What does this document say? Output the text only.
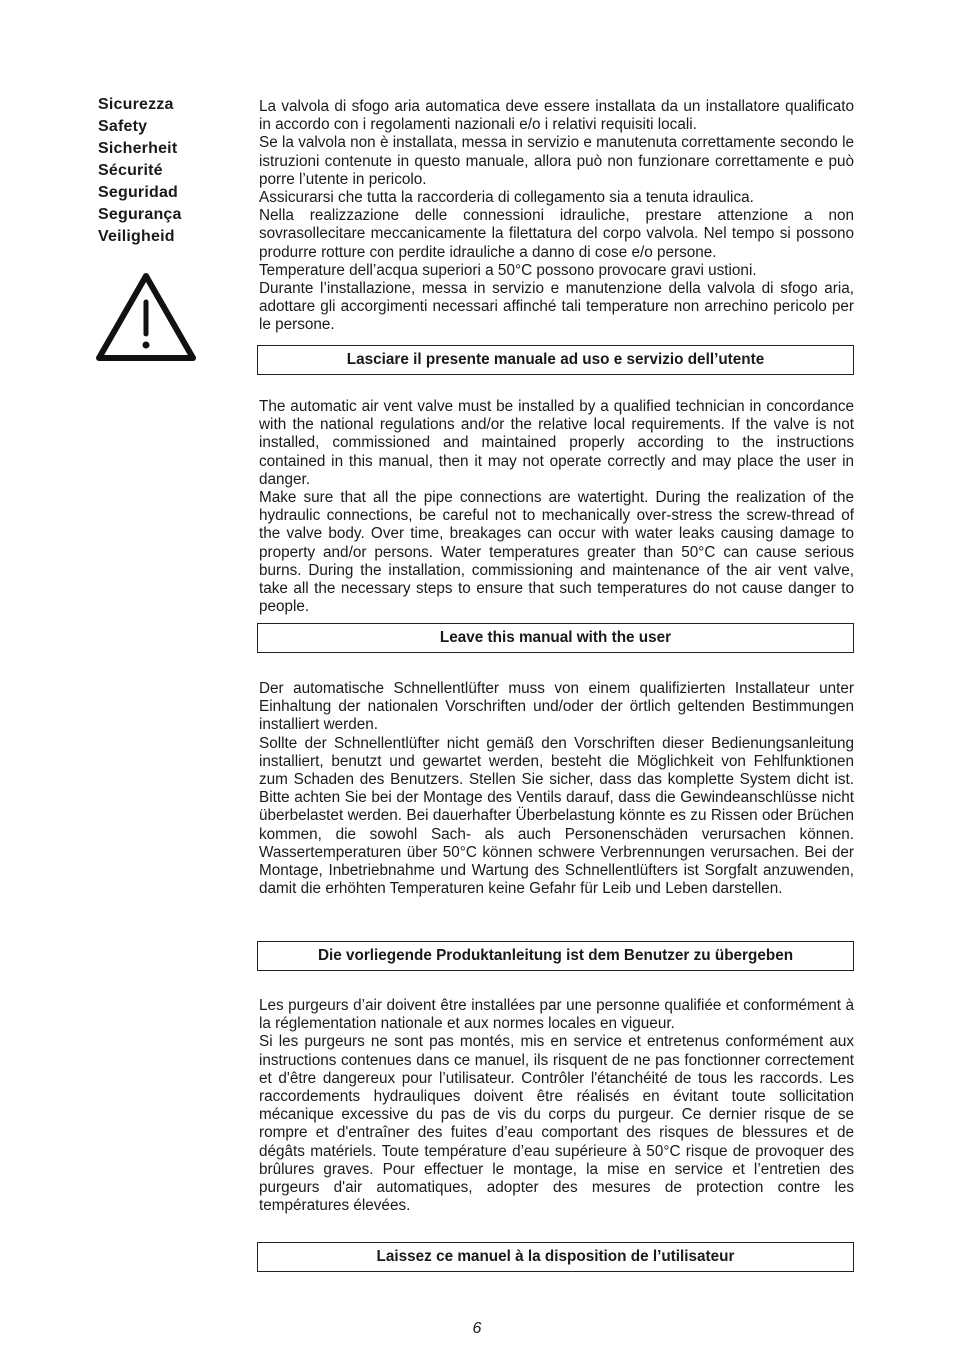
Sicurezza
Safety
Sicherheit
Sécurité
Seguridad
Segurança
Veiligheid

La valvola di sfogo aria automatica deve essere installata da un installatore qualificato in accordo con i regolamenti nazionali e/o i relativi requisiti locali.

Se la valvola non è installata, messa in servizio e manutenuta correttamente secondo le istruzioni contenute in questo manuale, allora può non funzionare correttamente e può porre l’utente in pericolo.

Assicurarsi che tutta la raccorderia di collegamento sia a tenuta idraulica.

Nella realizzazione delle connessioni idrauliche, prestare attenzione a non sovrasollecitare meccanicamente la filettatura del corpo valvola. Nel tempo si possono produrre rotture con perdite idrauliche a danno di cose e/o persone.

Temperature dell’acqua superiori a 50°C possono provocare gravi ustioni.

Durante l’installazione, messa in servizio e manutenzione della valvola di sfogo aria, adottare gli accorgimenti necessari affinché tali temperature non arrechino pericolo per le persone.

Lasciare il presente manuale ad uso e servizio dell’utente

The automatic air vent valve must be installed by a qualified technician in concordance with the national regulations and/or the relative local requirements. If the valve is not installed, commissioned and maintained properly according to the instructions contained in this manual, then it may not operate correctly and may place the user in danger.

Make sure that all the pipe connections are watertight. During the realization of the hydraulic connections, be careful not to mechanically over-stress the screw-thread of the valve body. Over time, breakages can occur with water leaks causing damage to property and/or persons. Water temperatures greater than 50°C can cause serious burns. During the installation, commissioning and maintenance of the air vent valve, take all the necessary steps to ensure that such temperatures do not cause danger to people.

Leave this manual with the user

Der automatische Schnellentlüfter muss von einem qualifizierten Installateur unter Einhaltung der nationalen Vorschriften und/oder der örtlich geltenden Bestimmungen installiert werden.

Sollte der Schnellentlüfter nicht gemäß den Vorschriften dieser Bedienungsanleitung installiert, benutzt und gewartet werden, besteht die Möglichkeit von Fehlfunktionen zum Schaden des Benutzers. Stellen Sie sicher, dass das komplette System dicht ist. Bitte achten Sie bei der Montage des Ventils darauf, dass die Gewindeanschlüsse nicht überbelastet werden. Bei dauerhafter Überbelastung könnte es zu Rissen oder Brüchen kommen, die sowohl Sach- als auch Personenschäden verursachen können. Wassertemperaturen über 50°C können schwere Verbrennungen verursachen. Bei der Montage, Inbetriebnahme und Wartung des Schnellentlüfters ist Sorgfalt anzuwenden, damit die erhöhten Temperaturen keine Gefahr für Leib und Leben darstellen.

Die vorliegende Produktanleitung ist dem Benutzer zu übergeben

Les purgeurs d’air doivent être installées par une personne qualifiée et conformément à la réglementation nationale et aux normes locales en vigueur.

Si les purgeurs ne sont pas montés, mis en service et entretenus conformément aux instructions contenues dans ce manuel, ils risquent de ne pas fonctionner correctement et d'être dangereux pour l’utilisateur. Contrôler l'étanchéité de tous les raccords. Les raccordements hydrauliques doivent être réalisés en évitant toute sollicitation mécanique excessive du pas de vis du corps du purgeur. Ce dernier risque de se rompre et d'entraîner des fuites d’eau comportant des risques de blessures et de dégâts matériels. Toute température d’eau supérieure à 50°C risque de provoquer des brûlures graves. Pour effectuer le montage, la mise en service et l’entretien des purgeurs d'air automatiques, adopter des mesures de protection contre les températures élevées.

Laissez ce manuel à la disposition de l’utilisateur
6
